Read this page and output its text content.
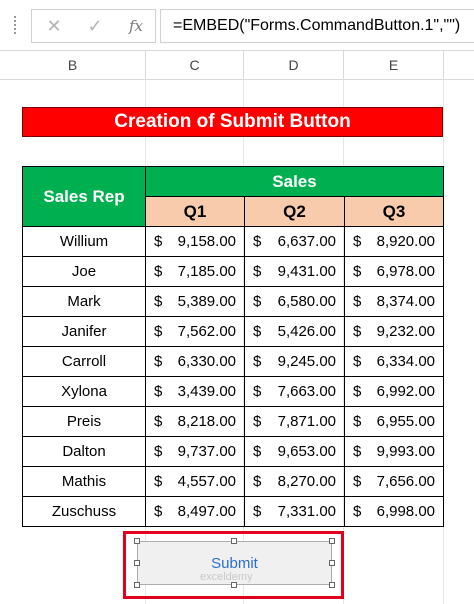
✕	✓	fx	=EMBED("Forms.CommandButton.1","")
B	C	D	E
Creation of Submit Button
Sales Rep	Sales		
	Q1	Q2	Q3
Willium	$ 9,158.00	$ 6,637.00	$ 8,920.00

Joe	$ 7,185.00	$ 9,431.00	$ 6,978.00

Mark	$ 5,389.00	$ 6,580.00	$ 8,374.00

Janifer	$ 7,562.00	$ 5,426.00	$ 9,232.00

Carroll	$ 6,330.00	$ 9,245.00	$ 6,334.00

Xylona	$ 3,439.00	$ 7,663.00	$ 6,992.00

Preis	$ 8,218.00	$ 7,871.00	$ 6,955.00

Dalton	$ 9,737.00	$ 9,653.00	$ 9,993.00

Mathis	$ 4,557.00	$ 8,270.00	$ 7,656.00

Zuschuss	$ 8,497.00	$ 7,331.00	$ 6,998.00
Submit
exceldemy
